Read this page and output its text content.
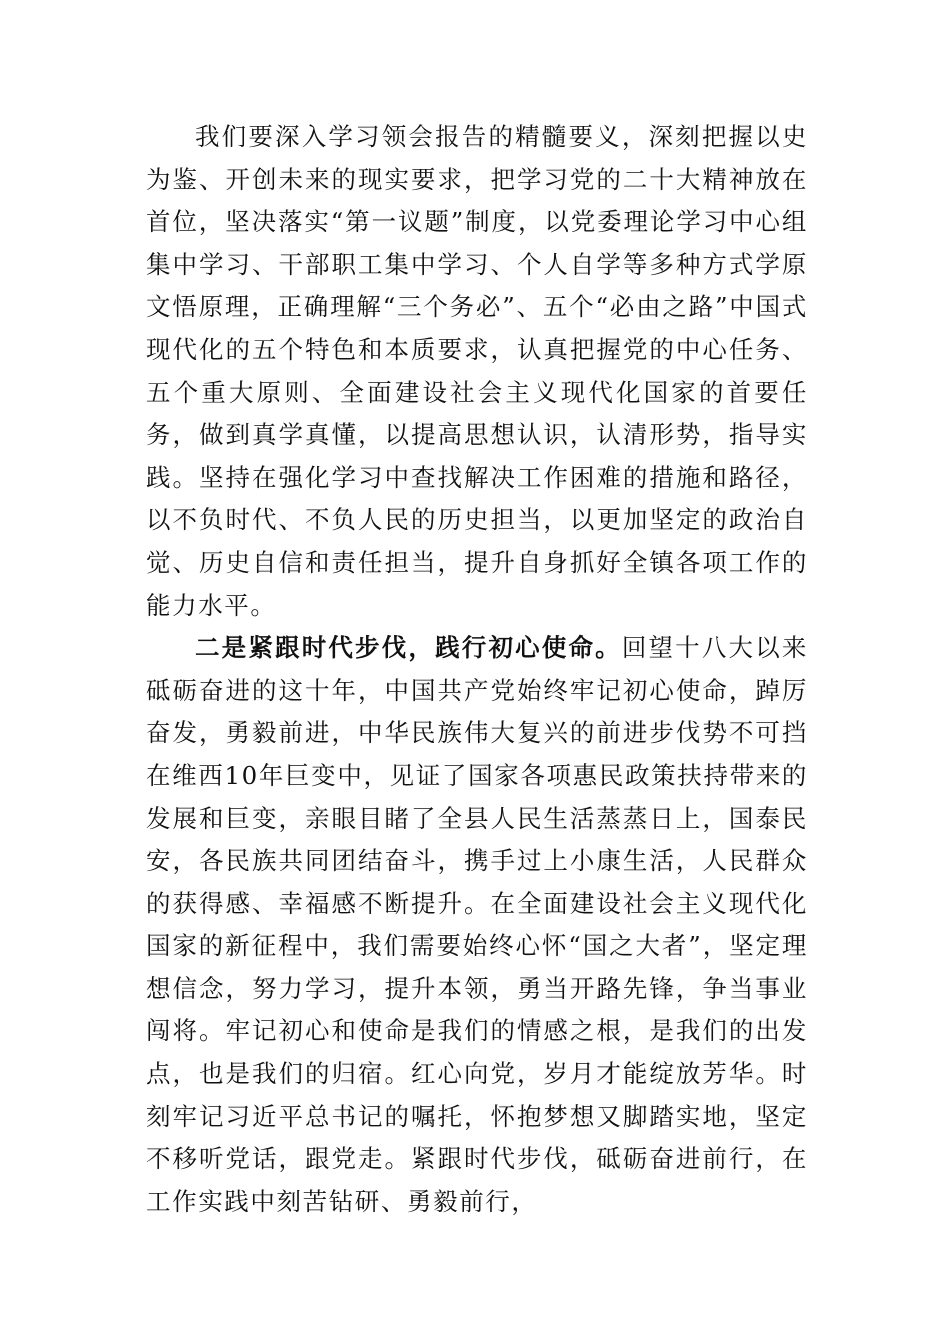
我们要深入学习领会报告的精髓要义，深刻把握以史为鉴、开创未来的现实要求，把学习党的二十大精神放在首位，坚决落实“第一议题”制度，以党委理论学习中心组集中学习、干部职工集中学习、个人自学等多种方式学原文悟原理，正确理解“三个务必”、五个“必由之路”中国式现代化的五个特色和本质要求，认真把握党的中心任务、五个重大原则、全面建设社会主义现代化国家的首要任务，做到真学真懂，以提高思想认识，认清形势，指导实践。坚持在强化学习中查找解决工作困难的措施和路径，以不负时代、不负人民的历史担当，以更加坚定的政治自觉、历史自信和责任担当，提升自身抓好全镇各项工作的能力水平。

二是紧跟时代步伐，践行初心使命。回望十八大以来砥砺奋进的这十年，中国共产党始终牢记初心使命，踔厉奋发，勇毅前进，中华民族伟大复兴的前进步伐势不可挡在维西10年巨变中，见证了国家各项惠民政策扶持带来的发展和巨变，亲眼目睹了全县人民生活蒸蒸日上，国泰民安，各民族共同团结奋斗，携手过上小康生活，人民群众的获得感、幸福感不断提升。在全面建设社会主义现代化国家的新征程中，我们需要始终心怀“国之大者”，坚定理想信念，努力学习，提升本领，勇当开路先锋，争当事业闯将。牢记初心和使命是我们的情感之根，是我们的出发点，也是我们的归宿。红心向党，岁月才能绽放芳华。时刻牢记习近平总书记的嘱托，怀抱梦想又脚踏实地，坚定不移听党话，跟党走。紧跟时代步伐，砥砺奋进前行，在工作实践中刻苦钻研、勇毅前行，
